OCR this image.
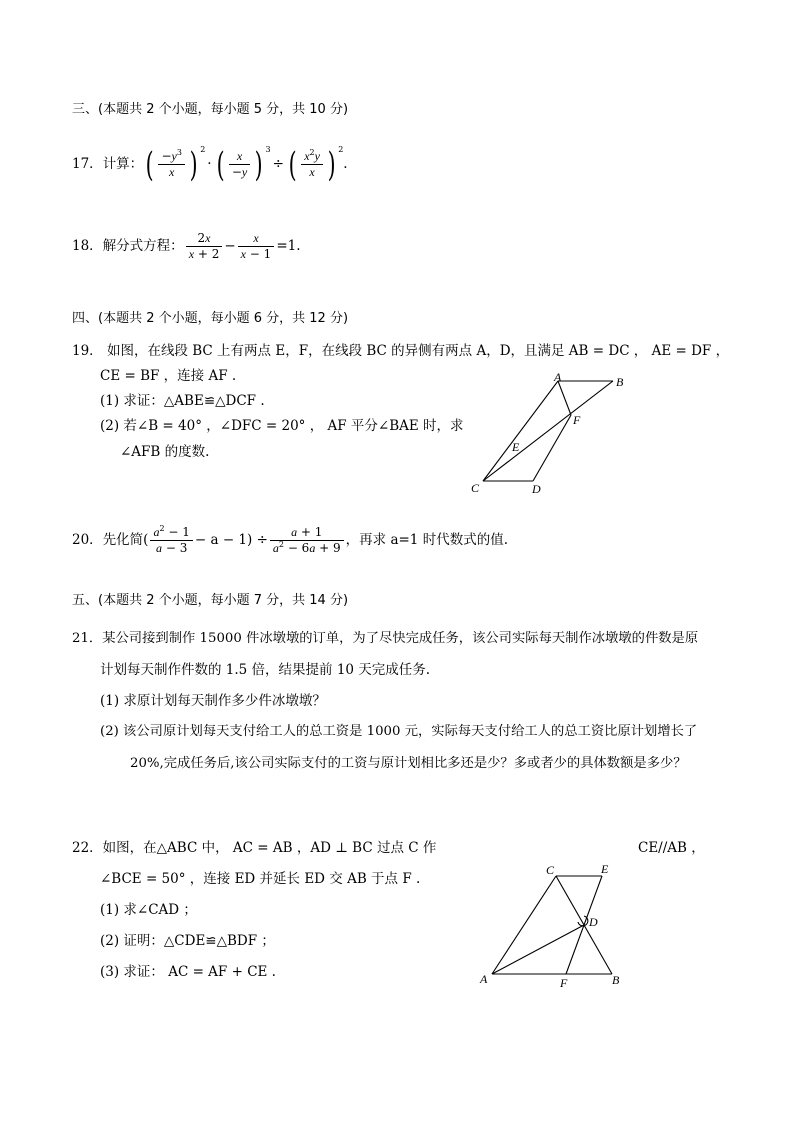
三、(本题共 2 个小题，每小题 5 分，共 10 分)
17．计算：( $\frac{-y^3}{x}$ ) $^2$· ( $\frac{x}{-y}$ ) $^3$÷ ( $\frac{x^2y}{x}$ ) $^2$.
18．解分式方程： $\frac{2x}{x + 2} - \frac{x}{x - 1} =1$.
四、(本题共 2 个小题，每小题 6 分，共 12 分)
19． 如图，在线段 BC 上有两点 E，F，在线段 BC 的异侧有两点 A，D，且满足 AB = DC ， AE = DF ，
CE = BF ，连接 AF .
(1) 求证：△ABE≌△DCF .
(2) 若∠B = 40° ，∠DFC = 20° ， AF 平分∠BAE 时，求
∠AFB 的度数.
A	B
E
F
C	D
20．先化简( $\frac{a^2 - 1}{a - 3} - a - 1) \div \frac{a + 1}{a^2 - 6a + 9}$ ，再求 a=1 时代数式的值.
五、(本题共 2 个小题，每小题 7 分，共 14 分)
21．某公司接到制作 15000 件冰墩墩的订单，为了尽快完成任务，该公司实际每天制作冰墩墩的件数是原
计划每天制作件数的 1.5 倍，结果提前 10 天完成任务.
(1) 求原计划每天制作多少件冰墩墩？
(2) 该公司原计划每天支付给工人的总工资是 1000 元，实际每天支付给工人的总工资比原计划增长了
20%,完成任务后,该公司实际支付的工资与原计划相比多还是少？多或者少的具体数额是多少？
22．如图，在△ABC 中， AC = AB ，AD ⊥ BC 过点 C 作	CE//AB ，
∠BCE = 50° ，连接 ED 并延长 ED 交 AB 于点 F .
(1) 求∠CAD ；
(2) 证明：△CDE≌△BDF ；
(3) 求证： AC = AF + CE .
C	E
D
A	F	B
